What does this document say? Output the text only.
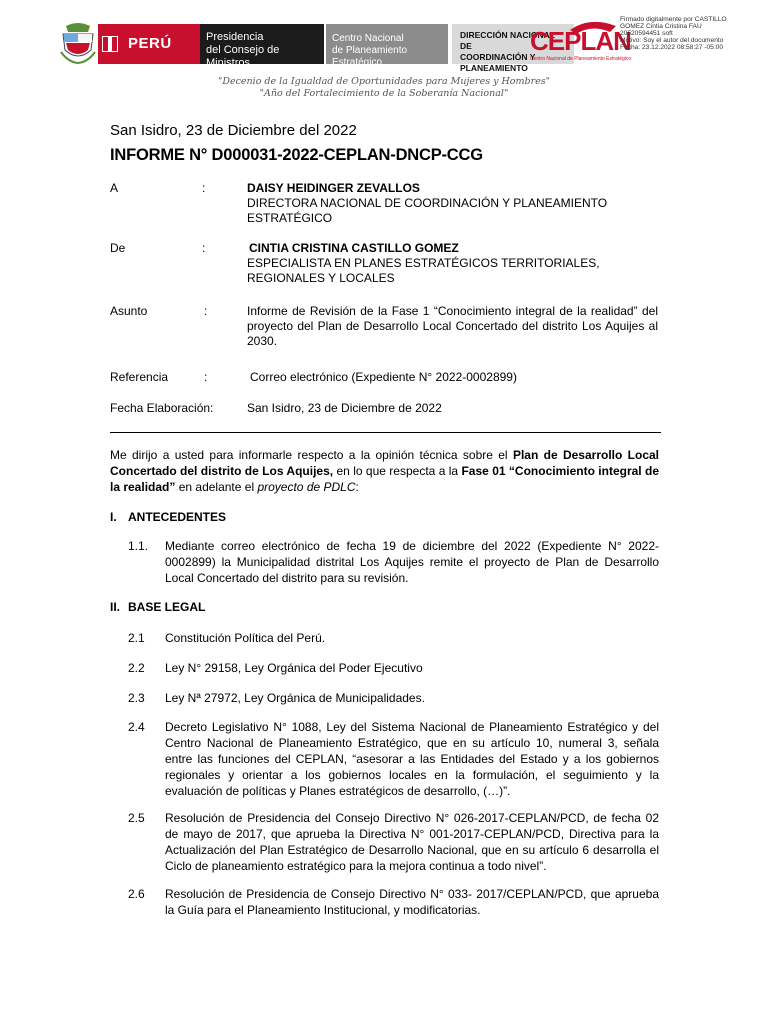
PERÚ	Presidencia
del Consejo de Ministros
Centro Nacional
de Planeamiento Estratégico
DIRECCIÓN NACIONAL DE
COORDINACIÓN Y
PLANEAMIENTO
CEPLAN
Centro Nacional de Planeamiento Estratégico
Firmado digitalmente por CASTILLO
GOMEZ Cintia Cristina FAU
20520594451 soft
Motivo: Soy el autor del documento
Fecha: 23.12.2022 08:58:27 -05:00
"Decenio de la Igualdad de Oportunidades para Mujeres y Hombres"
"Año del Fortalecimiento de la Soberanía Nacional"
San Isidro, 23 de Diciembre del 2022
INFORME N° D000031-2022-CEPLAN-DNCP-CCG
A	:	DAISY HEIDINGER ZEVALLOS
DIRECTORA NACIONAL DE COORDINACIÓN Y PLANEAMIENTO ESTRATÉGICO
De	:	CINTIA CRISTINA CASTILLO GOMEZ
ESPECIALISTA EN PLANES ESTRATÉGICOS TERRITORIALES, REGIONALES Y LOCALES
Asunto	:	Informe de Revisión de la Fase 1 “Conocimiento integral de la realidad” del proyecto del Plan de Desarrollo Local Concertado del distrito Los Aquijes al 2030.
Referencia	:	Correo electrónico (Expediente N° 2022-0002899)
Fecha Elaboración:	San Isidro, 23 de Diciembre de 2022
Me dirijo a usted para informarle respecto a la opinión técnica sobre el Plan de Desarrollo Local Concertado del distrito de Los Aquijes, en lo que respecta a la Fase 01 “Conocimiento integral de la realidad” en adelante el proyecto de PDLC:
I. ANTECEDENTES
1.1. Mediante correo electrónico de fecha 19 de diciembre del 2022 (Expediente N° 2022-0002899) la Municipalidad distrital Los Aquijes remite el proyecto de Plan de Desarrollo Local Concertado del distrito para su revisión.
II. BASE LEGAL
2.1 Constitución Política del Perú.
2.2 Ley N° 29158, Ley Orgánica del Poder Ejecutivo
2.3 Ley Nª 27972, Ley Orgánica de Municipalidades.
2.4 Decreto Legislativo N° 1088, Ley del Sistema Nacional de Planeamiento Estratégico y del Centro Nacional de Planeamiento Estratégico, que en su artículo 10, numeral 3, señala entre las funciones del CEPLAN, “asesorar a las Entidades del Estado y a los gobiernos regionales y orientar a los gobiernos locales en la formulación, el seguimiento y la evaluación de políticas y Planes estratégicos de desarrollo, (…)”.
2.5 Resolución de Presidencia del Consejo Directivo N° 026-2017-CEPLAN/PCD, de fecha 02 de mayo de 2017, que aprueba la Directiva N° 001-2017-CEPLAN/PCD, Directiva para la Actualización del Plan Estratégico de Desarrollo Nacional, que en su artículo 6 desarrolla el Ciclo de planeamiento estratégico para la mejora continua a todo nivel”.
2.6 Resolución de Presidencia de Consejo Directivo N° 033- 2017/CEPLAN/PCD, que aprueba la Guía para el Planeamiento Institucional, y modificatorias.
